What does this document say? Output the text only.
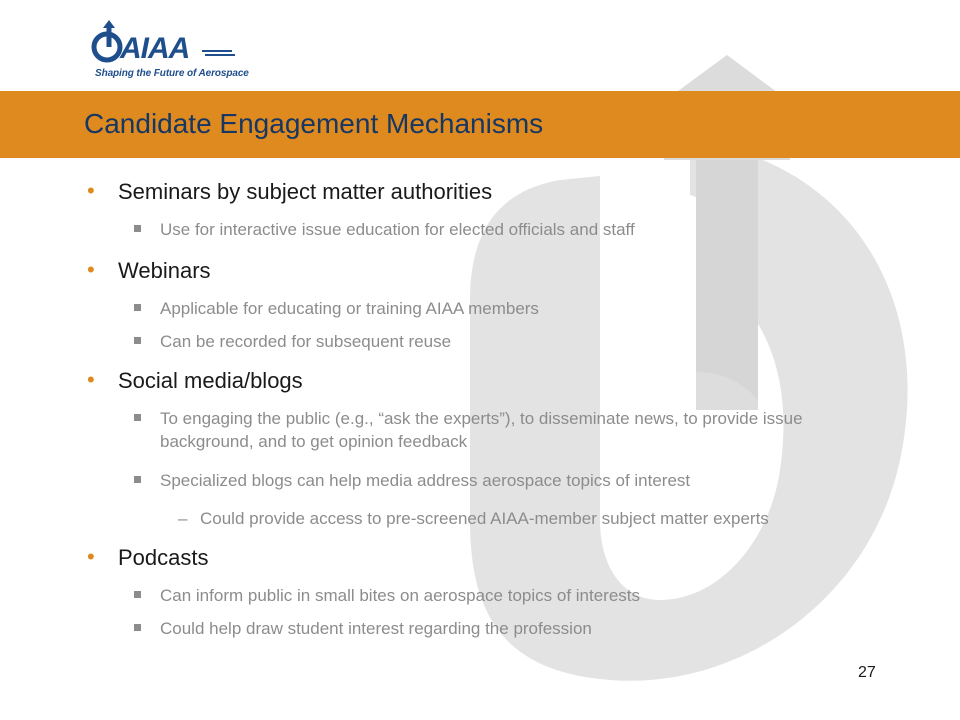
AIAA
Shaping the Future of Aerospace
Candidate Engagement Mechanisms
• Seminars by subject matter authorities
Use for interactive issue education for elected officials and staff
• Webinars
Applicable for educating or training AIAA members
Can be recorded for subsequent reuse
• Social media/blogs
To engaging the public (e.g., “ask the experts”), to disseminate news, to provide issue background, and to get opinion feedback
Specialized blogs can help media address aerospace topics of interest
– Could provide access to pre-screened AIAA-member subject matter experts
• Podcasts
Can inform public in small bites on aerospace topics of interests
Could help draw student interest regarding the profession
27
